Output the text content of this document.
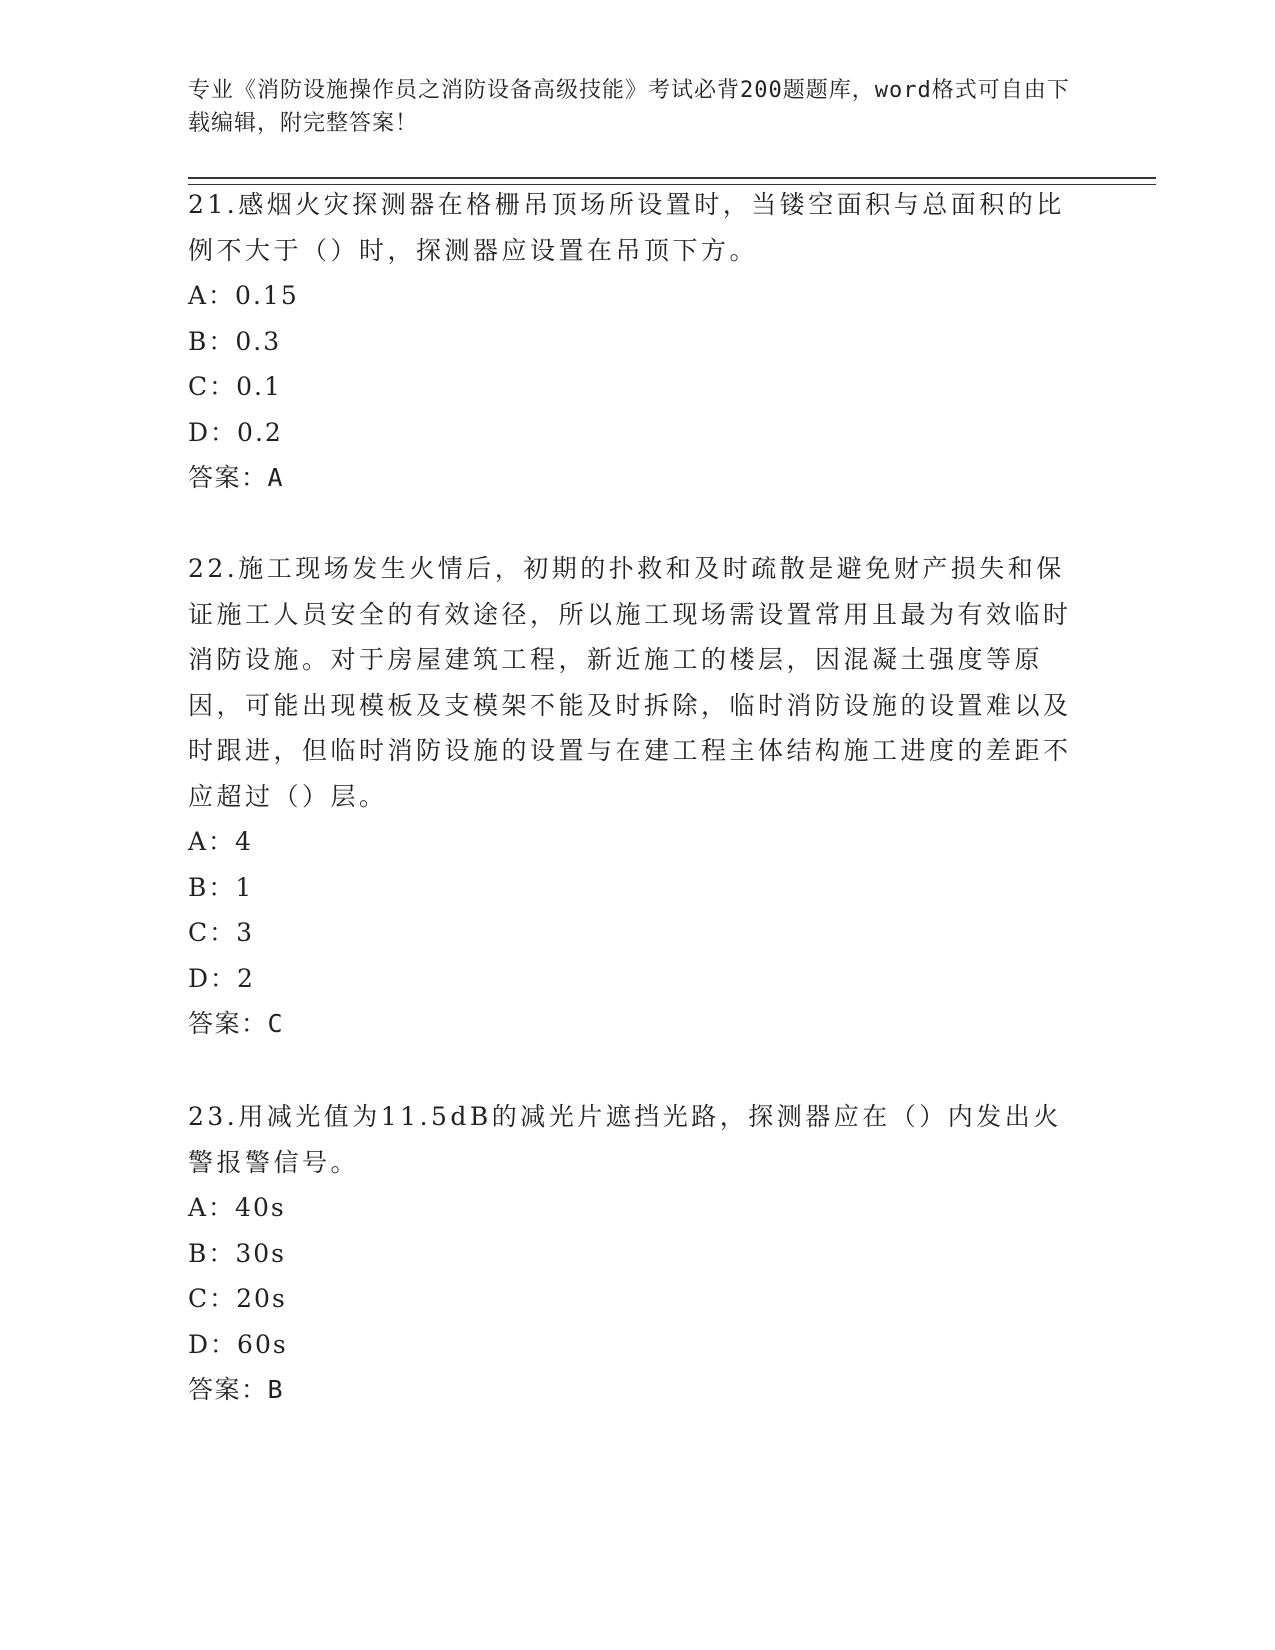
专业《消防设施操作员之消防设备高级技能》考试必背200题题库，word格式可自由下载编辑，附完整答案！

21.感烟火灾探测器在格栅吊顶场所设置时，当镂空面积与总面积的比例不大于（）时，探测器应设置在吊顶下方。

A：0.15

B：0.3

C：0.1

D：0.2

答案：A

22.施工现场发生火情后，初期的扑救和及时疏散是避免财产损失和保证施工人员安全的有效途径，所以施工现场需设置常用且最为有效临时消防设施。对于房屋建筑工程，新近施工的楼层，因混凝土强度等原因，可能出现模板及支模架不能及时拆除，临时消防设施的设置难以及时跟进，但临时消防设施的设置与在建工程主体结构施工进度的差距不应超过（）层。

A：4

B：1

C：3

D：2

答案：C

23.用减光值为11.5dB的减光片遮挡光路，探测器应在（）内发出火警报警信号。

A：40s

B：30s

C：20s

D：60s

答案：B
